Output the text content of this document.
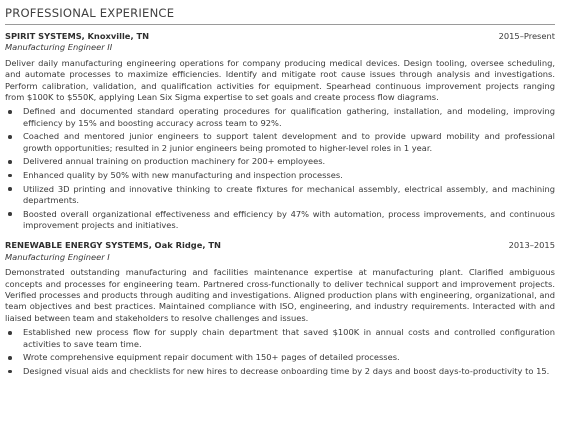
PROFESSIONAL EXPERIENCE
SPIRIT SYSTEMS, Knoxville, TN	2015–Present
Manufacturing Engineer II
Deliver daily manufacturing engineering operations for company producing medical devices. Design tooling, oversee scheduling, and automate processes to maximize efficiencies. Identify and mitigate root cause issues through analysis and investigations. Perform calibration, validation, and qualification activities for equipment. Spearhead continuous improvement projects ranging from $100K to $550K, applying Lean Six Sigma expertise to set goals and create process flow diagrams.
Defined and documented standard operating procedures for qualification gathering, installation, and modeling, improving efficiency by 15% and boosting accuracy across team to 92%.
Coached and mentored junior engineers to support talent development and to provide upward mobility and professional growth opportunities; resulted in 2 junior engineers being promoted to higher-level roles in 1 year.
Delivered annual training on production machinery for 200+ employees.
Enhanced quality by 50% with new manufacturing and inspection processes.
Utilized 3D printing and innovative thinking to create fixtures for mechanical assembly, electrical assembly, and machining departments.
Boosted overall organizational effectiveness and efficiency by 47% with automation, process improvements, and continuous improvement projects and initiatives.
RENEWABLE ENERGY SYSTEMS, Oak Ridge, TN	2013–2015
Manufacturing Engineer I
Demonstrated outstanding manufacturing and facilities maintenance expertise at manufacturing plant. Clarified ambiguous concepts and processes for engineering team. Partnered cross-functionally to deliver technical support and improvement projects. Verified processes and products through auditing and investigations. Aligned production plans with engineering, organizational, and team objectives and best practices. Maintained compliance with ISO, engineering, and industry requirements. Interacted with and liaised between team and stakeholders to resolve challenges and issues.
Established new process flow for supply chain department that saved $100K in annual costs and controlled configuration activities to save team time.
Wrote comprehensive equipment repair document with 150+ pages of detailed processes.
Designed visual aids and checklists for new hires to decrease onboarding time by 2 days and boost days-to-productivity to 15.
